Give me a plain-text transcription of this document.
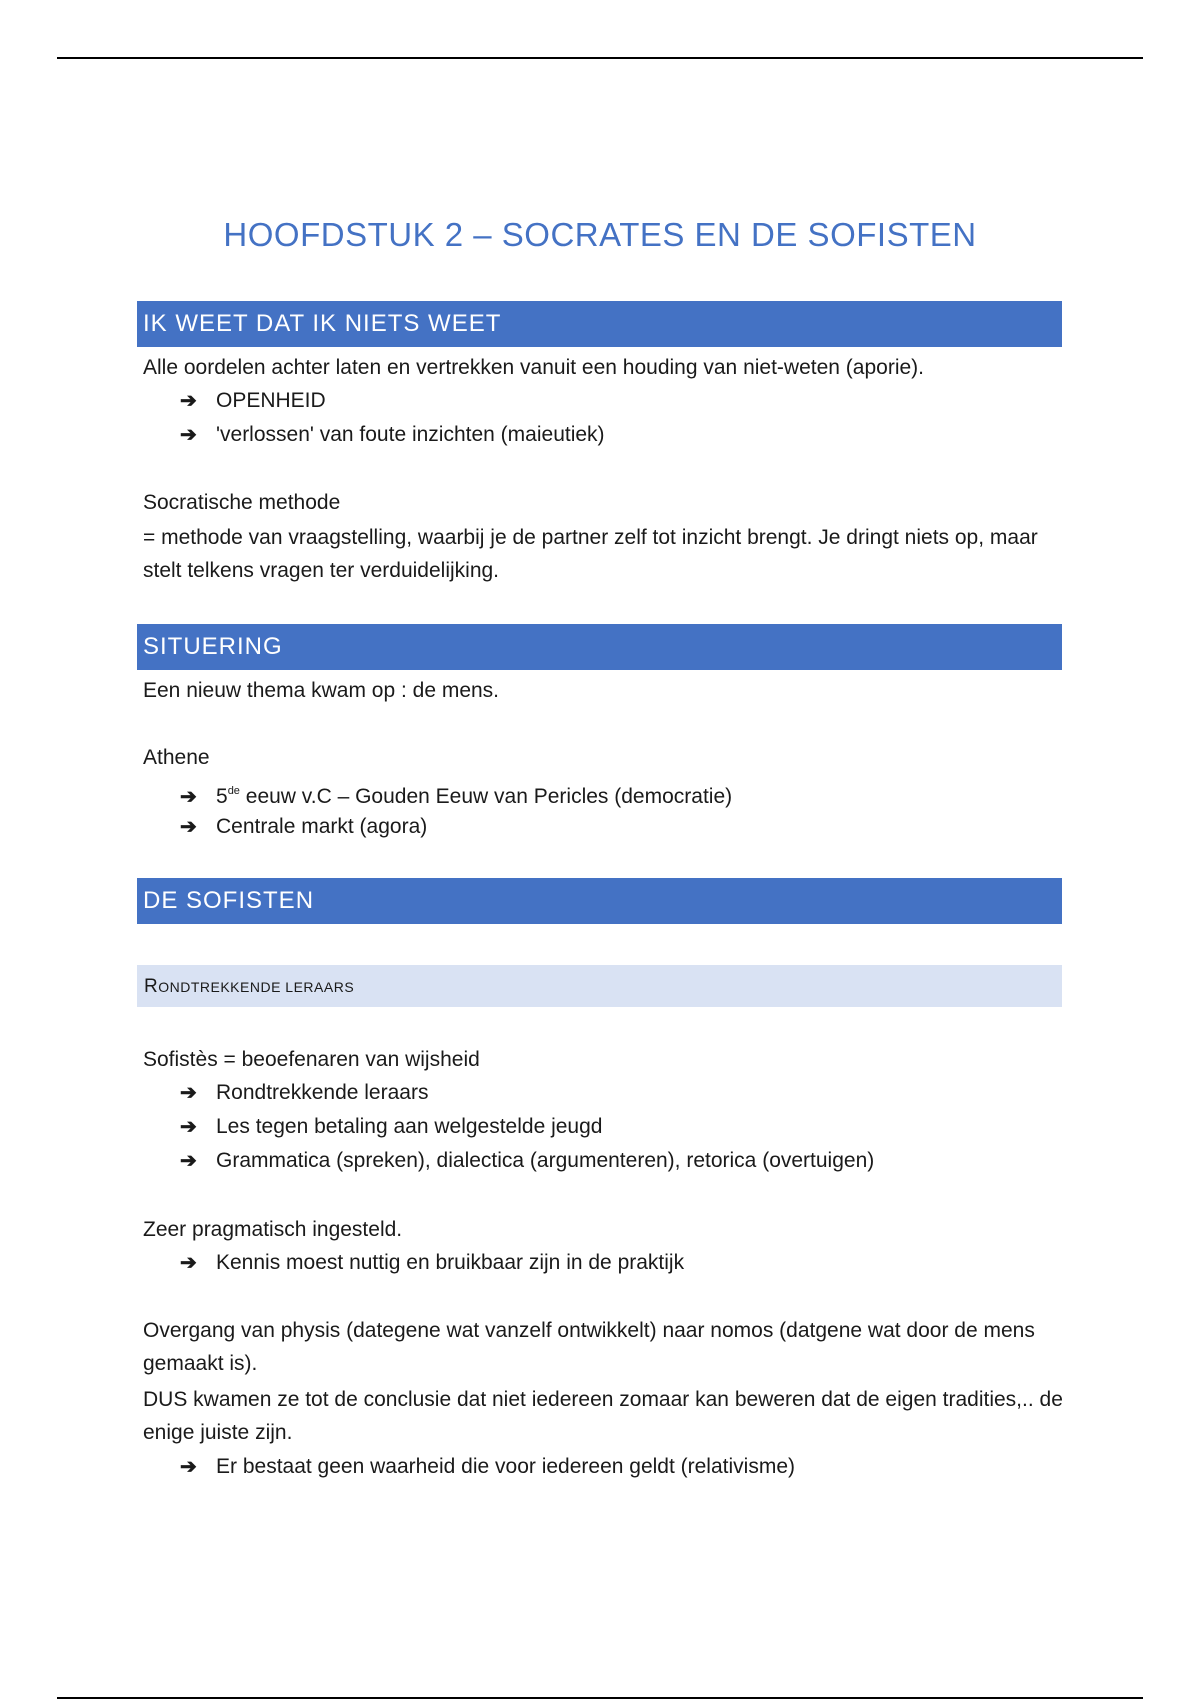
HOOFDSTUK 2 – SOCRATES EN DE SOFISTEN
IK WEET DAT IK NIETS WEET
Alle oordelen achter laten en vertrekken vanuit een houding van niet-weten (aporie).
➔ OPENHEID
➔ 'verlossen' van foute inzichten (maieutiek)
Socratische methode
= methode van vraagstelling, waarbij je de partner zelf tot inzicht brengt. Je dringt niets op, maar stelt telkens vragen ter verduidelijking.
SITUERING
Een nieuw thema kwam op : de mens.
Athene
➔ 5de eeuw v.C – Gouden Eeuw van Pericles (democratie)
➔ Centrale markt (agora)
DE SOFISTEN
RONDTREKKENDE LERAARS
Sofistès = beoefenaren van wijsheid
➔ Rondtrekkende leraars
➔ Les tegen betaling aan welgestelde jeugd
➔ Grammatica (spreken), dialectica (argumenteren), retorica (overtuigen)
Zeer pragmatisch ingesteld.
➔ Kennis moest nuttig en bruikbaar zijn in de praktijk
Overgang van physis (dategene wat vanzelf ontwikkelt) naar nomos (datgene wat door de mens gemaakt is).
DUS kwamen ze tot de conclusie dat niet iedereen zomaar kan beweren dat de eigen tradities,.. de enige juiste zijn.
➔ Er bestaat geen waarheid die voor iedereen geldt (relativisme)
